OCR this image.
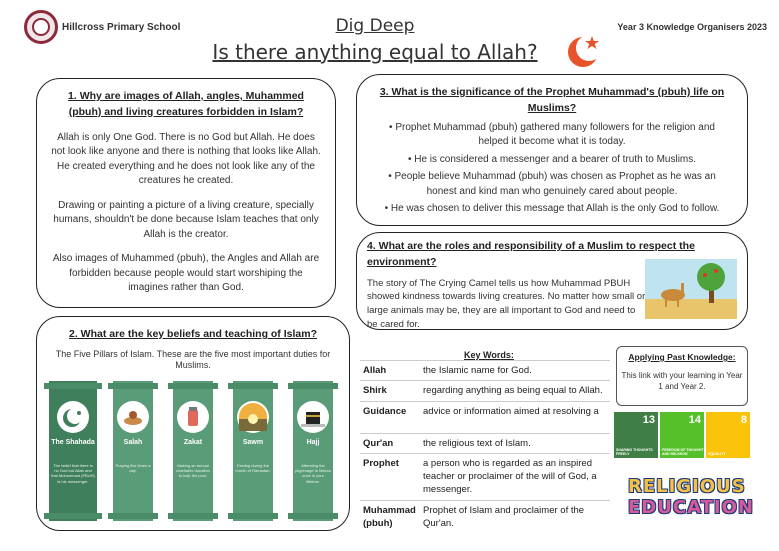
Hillcross Primary School	Year 3 Knowledge Organisers 2023
Dig Deep
Is there anything equal to Allah?
1. Why are images of Allah, angles, Muhammed (pbuh) and living creatures forbidden in Islam?

Allah is only One God. There is no God but Allah. He does not look like anyone and there is nothing that looks like Allah. He created everything and he does not look like any of the creatures he created.

Drawing or painting a picture of a living creature, specially humans, shouldn't be done because Islam teaches that only Allah is the creator.

Also images of Muhammed (pbuh), the Angles and Allah are forbidden because people would start worshiping the imagines rather than God.

2. What are the key beliefs and teaching of Islam?
The Five Pillars of Islam. These are the five most important duties for Muslims.
The Shahada
The belief that there is no God but Allah and that Muhammad (PBUH) is his messenger.
Salah
Praying five times a day.
Zakat
Making an annual charitable donation to help the poor.
Sawm
Fasting during the month of Ramadan.
Hajj
Attending the pilgrimage to Mecca once in your lifetime.
3. What is the significance of the Prophet Muhammad's (pbuh) life on Muslims?
• Prophet Muhammad (pbuh) gathered many followers for the religion and helped it become what it is today.
• He is considered a messenger and a bearer of truth to Muslims.
• People believe Muhammad (pbuh) was chosen as Prophet as he was an honest and kind man who genuinely cared about people.
• He was chosen to deliver this message that Allah is the only God to follow.
4. What are the roles and responsibility of a Muslim to respect the environment?

The story of The Crying Camel tells us how Muhammad PBUH showed kindness towards living creatures. No matter how small or large animals may be, they are all important to God and need to be cared for.

Key Words:
Allah	the Islamic name for God.
Shirk	regarding anything as being equal to Allah.
Guidance	advice or information aimed at resolving a
Qur'an	the religious text of Islam.
Prophet	a person who is regarded as an inspired teacher or proclaimer of the will of God, a messenger.
Muhammad (pbuh)	Prophet of Islam and proclaimer of the Qur'an.
Applying Past Knowledge:

This link with your learning in Year 1 and Year 2.

13
SHARING THOUGHTS FREELY
14
FREEDOM OF THOUGHT AND RELIGION
8
EQUALITY
RELIGIOUS
EDUCATION
